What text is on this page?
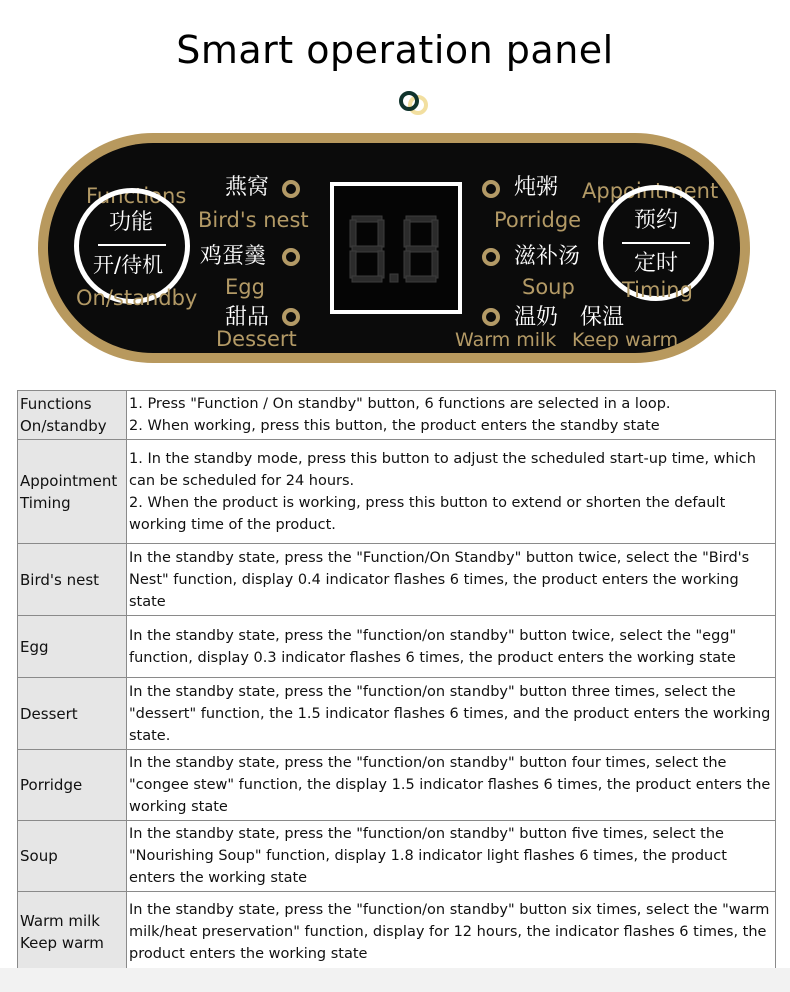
Smart operation panel
Functions
功能
开/待机
On/standby
燕窝
Bird's nest
鸡蛋羹
Egg
甜品
Dessert
炖粥
Porridge
滋补汤
Soup
温奶 保温
Warm milk Keep warm
Appointment
预约
定时
Timing
Functions
On/standby	1. Press "Function / On standby" button, 6 functions are selected in a loop.
2. When working, press this button, the product enters the standby state
Appointment
Timing	1. In the standby mode, press this button to adjust the scheduled start-up time, which can be scheduled for 24 hours.
2. When the product is working, press this button to extend or shorten the default working time of the product.
Bird's nest	In the standby state, press the "Function/On Standby" button twice, select the "Bird's Nest" function, display 0.4 indicator flashes 6 times, the product enters the working state
Egg	In the standby state, press the "function/on standby" button twice, select the "egg" function, display 0.3 indicator flashes 6 times, the product enters the working state
Dessert	In the standby state, press the "function/on standby" button three times, select the "dessert" function, the 1.5 indicator flashes 6 times, and the product enters the working state.
Porridge	In the standby state, press the "function/on standby" button four times, select the "congee stew" function, the display 1.5 indicator flashes 6 times, the product enters the working state
Soup	In the standby state, press the "function/on standby" button five times, select the "Nourishing Soup" function, display 1.8 indicator light flashes 6 times, the product enters the working state
Warm milk
Keep warm	In the standby state, press the "function/on standby" button six times, select the "warm milk/heat preservation" function, display for 12 hours, the indicator flashes 6 times, the product enters the working state
